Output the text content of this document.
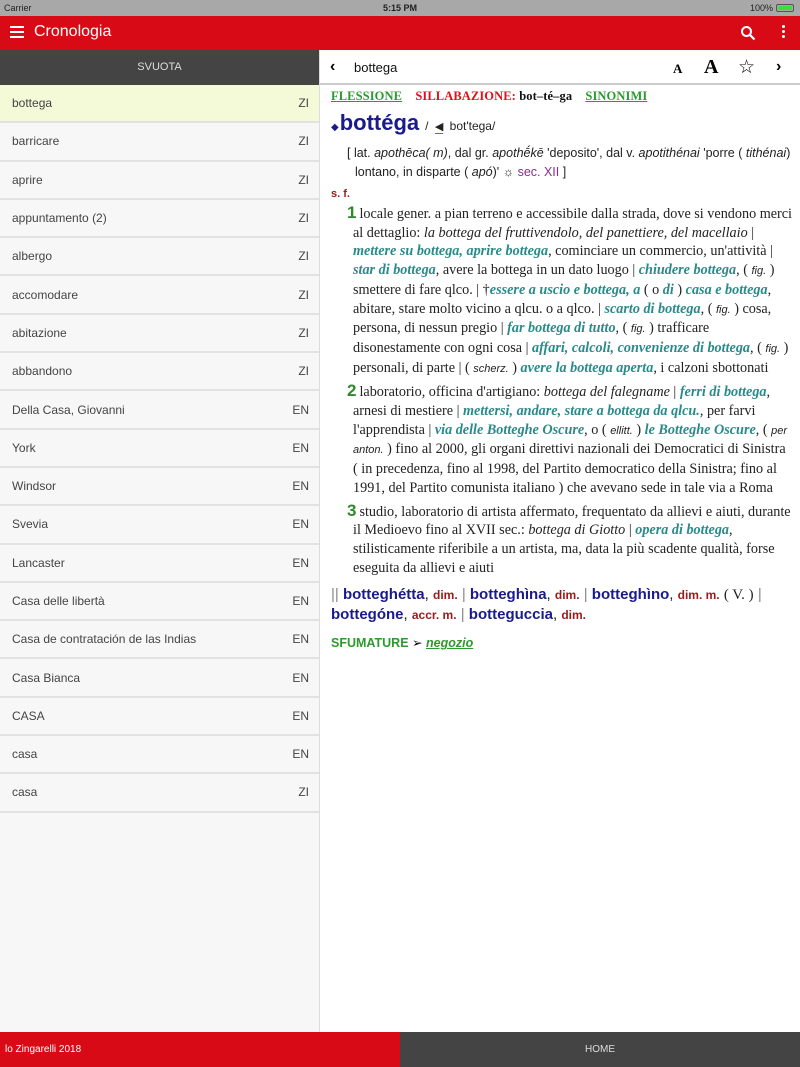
Carrier	5:15 PM	100%
Cronologia
SVUOTA
bottega	ZI
barricare	ZI
aprire	ZI
appuntamento (2)	ZI
albergo	ZI
accomodare	ZI
abitazione	ZI
abbandono	ZI
Della Casa, Giovanni	EN
York	EN
Windsor	EN
Svevia	EN
Lancaster	EN
Casa delle libertà	EN
Casa de contratación de las Indias	EN
Casa Bianca	EN
CASA	EN
casa	EN
casa	ZI
‹ bottega	A A ☆ ›
FLESSIONE SILLABAZIONE: bot–té–ga SINONIMI
◆ bottéga / ◀ bot'tega/
[ lat. apothēca( m), dal gr. apothḗkē 'deposito', dal v. apotithénai 'porre ( tithénai) lontano, in disparte ( apó)' ☼ sec. XII ]
s. f.
1 locale gener. a pian terreno e accessibile dalla strada, dove si vendono merci al dettaglio: la bottega del fruttivendolo, del panettiere, del macellaio | mettere su bottega, aprire bottega, cominciare un commercio, un'attività | star di bottega, avere la bottega in un dato luogo | chiudere bottega, ( fig. ) smettere di fare qlco. | †essere a uscio e bottega, a ( o di ) casa e bottega, abitare, stare molto vicino a qlcu. o a qlco. | scarto di bottega, ( fig. ) cosa, persona, di nessun pregio | far bottega di tutto, ( fig. ) trafficare disonestamente con ogni cosa | affari, calcoli, convenienze di bottega, ( fig. ) personali, di parte | ( scherz. ) avere la bottega aperta, i calzoni sbottonati
2 laboratorio, officina d'artigiano: bottega del falegname | ferri di bottega, arnesi di mestiere | mettersi, andare, stare a bottega da qlcu., per farvi l'apprendista | via delle Botteghe Oscure, o ( ellitt. ) le Botteghe Oscure, ( per anton. ) fino al 2000, gli organi direttivi nazionali dei Democratici di Sinistra ( in precedenza, fino al 1998, del Partito democratico della Sinistra; fino al 1991, del Partito comunista italiano ) che avevano sede in tale via a Roma
3 studio, laboratorio di artista affermato, frequentato da allievi e aiuti, durante il Medioevo fino al XVII sec.: bottega di Giotto | opera di bottega, stilisticamente riferibile a un artista, ma, data la più scadente qualità, forse eseguita da allievi e aiuti
|| botteghétta, dim. | botteghìna, dim. | botteghìno, dim. m. ( V. ) | bottegóne, accr. m. | botteguccia, dim.
SFUMATURE ➢ negozio
lo Zingarelli 2018	HOME
